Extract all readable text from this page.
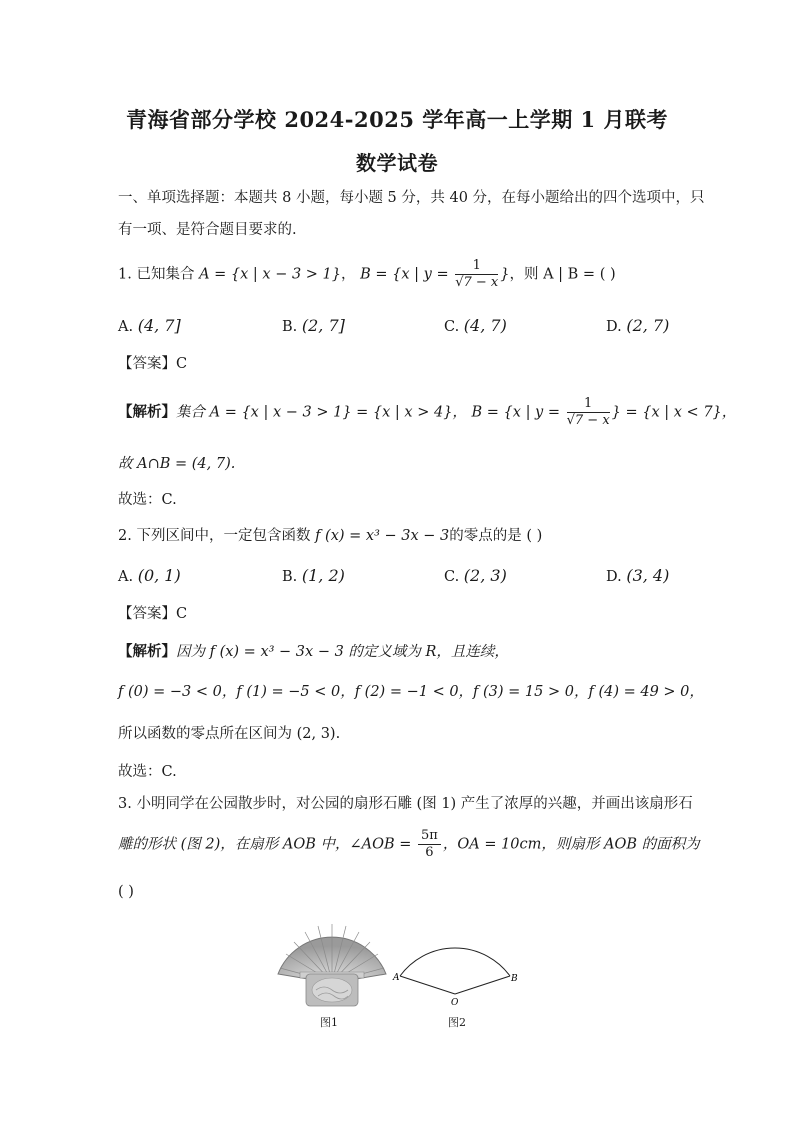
青海省部分学校 2024-2025 学年高一上学期 1 月联考
数学试卷
一、单项选择题：本题共 8 小题，每小题 5 分，共 40 分，在每小题给出的四个选项中，只
有一项、是符合题目要求的.
1. 已知集合 A = {x | x − 3 > 1}， B = {x | $y = \frac{1}{√7 - x}$ }，则 A | B = ( )
A. (4, 7]	B. (2, 7]	C. (4, 7)	D. (2, 7)
【答案】C
【解析】集合 A = {x | x − 3 > 1} = {x | x > 4}， B = {x | $y = \frac{1}{√7 - x}$ } = {x | x < 7}，
故 A∩B = (4, 7).
故选：C.
2. 下列区间中，一定包含函数 f (x) = x³ − 3x − 3的零点的是 ( )
A. (0, 1)	B. (1, 2)	C. (2, 3)	D. (3, 4)
【答案】C
【解析】因为 f (x) = x³ − 3x − 3 的定义域为 R，且连续，
f (0) = −3 < 0，f (1) = −5 < 0，f (2) = −1 < 0，f (3) = 15 > 0，f (4) = 49 > 0，
所以函数的零点所在区间为 (2, 3).
故选：C.
3. 小明同学在公园散步时，对公园的扇形石雕 (图 1) 产生了浓厚的兴趣，并画出该扇形石
雕的形状 (图 2)，在扇形 AOB 中，∠AOB = $\frac{5\pi}{6}$ ，OA = 10cm，则扇形 AOB 的面积为
( )
图1
A	B
O
图2
